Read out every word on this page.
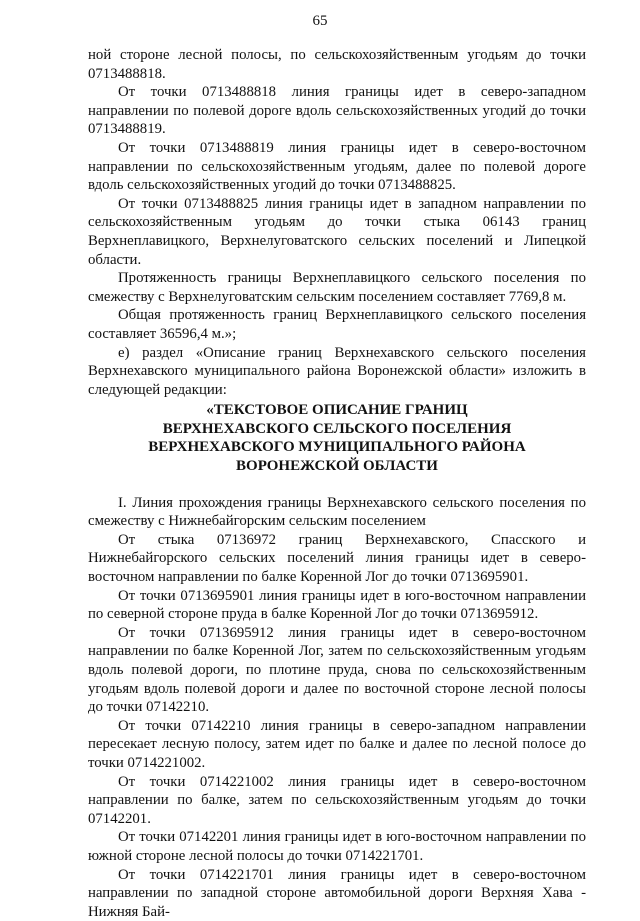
65

ной стороне лесной полосы, по сельскохозяйственным угодьям до точки 0713488818.

От точки 0713488818 линия границы идет в северо-западном направлении по полевой дороге вдоль сельскохозяйственных угодий до точки 0713488819.

От точки 0713488819 линия границы идет в северо-восточном направлении по сельскохозяйственным угодьям, далее по полевой дороге вдоль сельскохозяйственных угодий до точки 0713488825.

От точки 0713488825 линия границы идет в западном направлении по сельскохозяйственным угодьям до точки стыка 06143 границ Верхнеплавицкого, Верхнелуговатского сельских поселений и Липецкой области.

Протяженность границы Верхнеплавицкого сельского поселения по смежеству с Верхнелуговатским сельским поселением составляет 7769,8 м.

Общая протяженность границ Верхнеплавицкого сельского поселения составляет 36596,4 м.»;

е) раздел «Описание границ Верхнехавского сельского поселения Верхнехавского муниципального района Воронежской области» изложить в следующей редакции:

«ТЕКСТОВОЕ ОПИСАНИЕ ГРАНИЦ
ВЕРХНЕХАВСКОГО СЕЛЬСКОГО ПОСЕЛЕНИЯ
ВЕРХНЕХАВСКОГО МУНИЦИПАЛЬНОГО РАЙОНА
ВОРОНЕЖСКОЙ ОБЛАСТИ

I. Линия прохождения границы Верхнехавского сельского поселения по смежеству с Нижнебайгорским сельским поселением

От стыка 07136972 границ Верхнехавского, Спасского и Нижнебайгорского сельских поселений линия границы идет в северо-восточном направлении по балке Коренной Лог до точки 0713695901.

От точки 0713695901 линия границы идет в юго-восточном направлении по северной стороне пруда в балке Коренной Лог до точки 0713695912.

От точки 0713695912 линия границы идет в северо-восточном направлении по балке Коренной Лог, затем по сельскохозяйственным угодьям вдоль полевой дороги, по плотине пруда, снова по сельскохозяйственным угодьям вдоль полевой дороги и далее по восточной стороне лесной полосы до точки 07142210.

От точки 07142210 линия границы в северо-западном направлении пересекает лесную полосу, затем идет по балке и далее по лесной полосе до точки 0714221002.

От точки 0714221002 линия границы идет в северо-восточном направлении по балке, затем по сельскохозяйственным угодьям до точки 07142201.

От точки 07142201 линия границы идет в юго-восточном направлении по южной стороне лесной полосы до точки 0714221701.

От точки 0714221701 линия границы идет в северо-восточном направлении по западной стороне автомобильной дороги Верхняя Хава - Нижняя Бай-
